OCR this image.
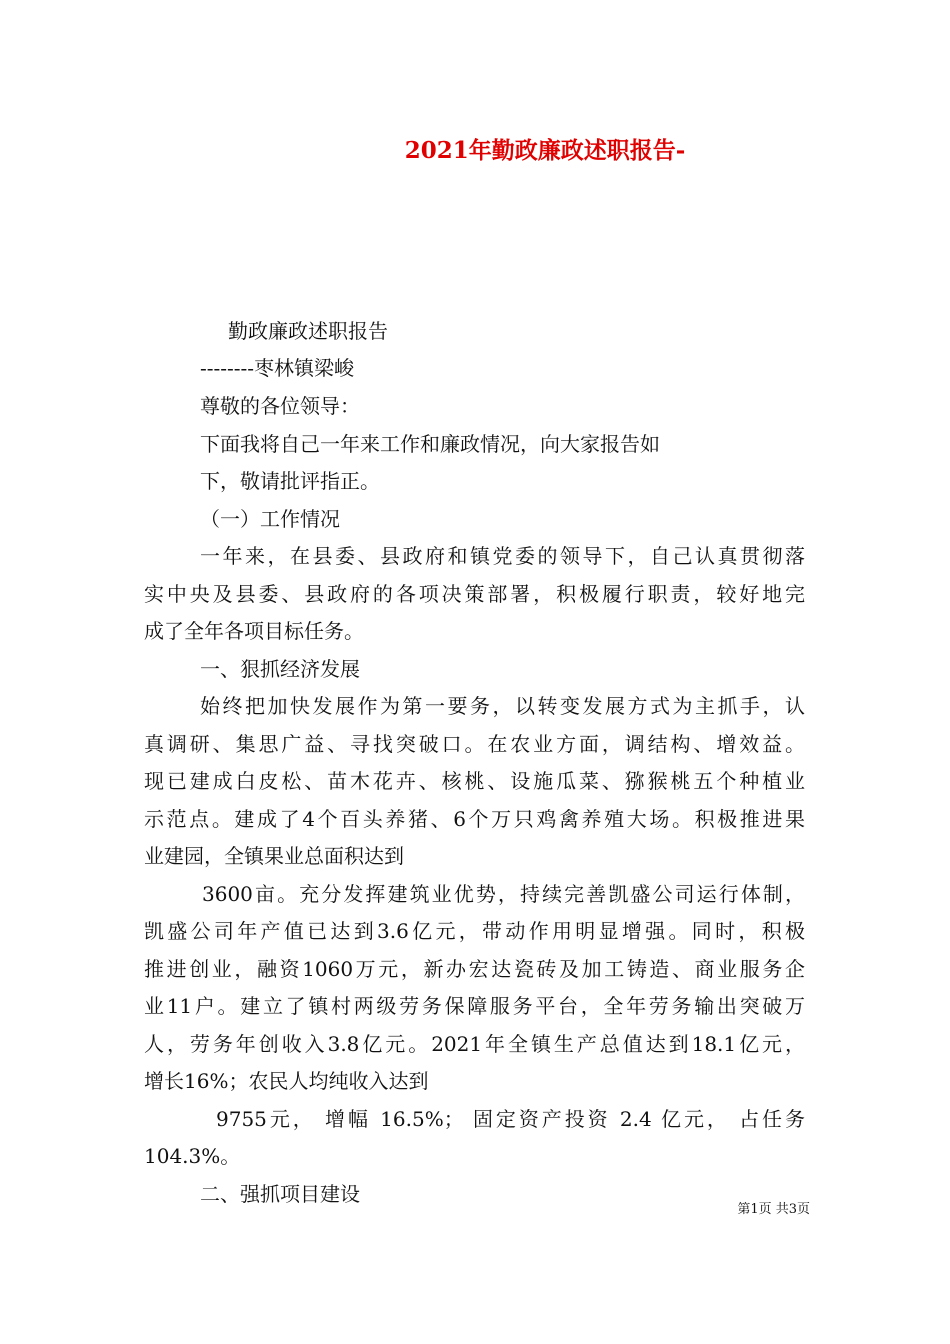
2021年勤政廉政述职报告-
勤政廉政述职报告
--------枣林镇梁峻
尊敬的各位领导：
下面我将自己一年来工作和廉政情况，向大家报告如
下，敬请批评指正。
（一）工作情况
一年来，在县委、县政府和镇党委的领导下，自己认真贯彻落
实中央及县委、县政府的各项决策部署，积极履行职责，较好地完
成了全年各项目标任务。
一、狠抓经济发展
始终把加快发展作为第一要务，以转变发展方式为主抓手，认
真调研、集思广益、寻找突破口。在农业方面，调结构、增效益。
现已建成白皮松、苗木花卉、核桃、设施瓜菜、猕猴桃五个种植业
示范点。建成了4个百头养猪、6个万只鸡禽养殖大场。积极推进果
业建园，全镇果业总面积达到
3600亩。充分发挥建筑业优势，持续完善凯盛公司运行体制，
凯盛公司年产值已达到3.6亿元，带动作用明显增强。同时，积极
推进创业，融资1060万元，新办宏达瓷砖及加工铸造、商业服务企
业11户。建立了镇村两级劳务保障服务平台，全年劳务输出突破万
人，劳务年创收入3.8亿元。2021年全镇生产总值达到18.1亿元，
增长16%；农民人均纯收入达到
9755元， 增幅 16.5%； 固定资产投资 2.4 亿元， 占任务
104.3%。
二、强抓项目建设
第1页 共3页
